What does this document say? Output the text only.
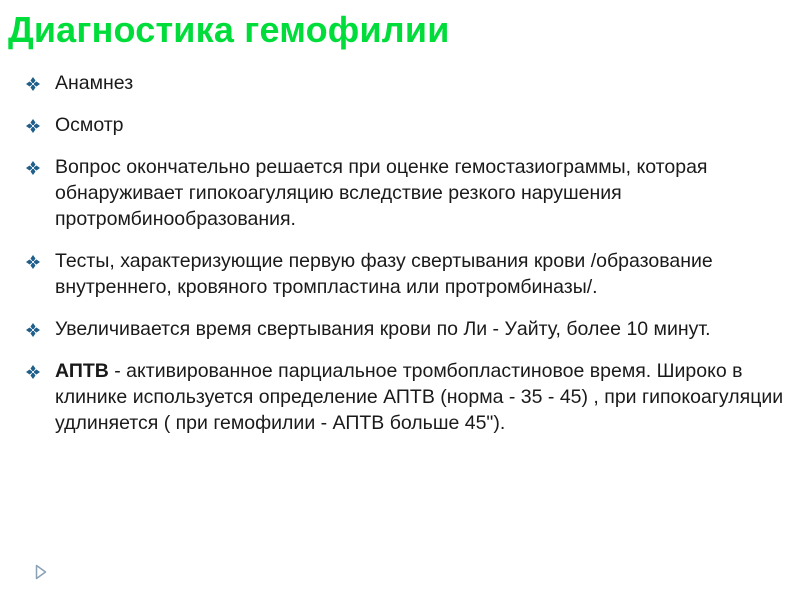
Диагностика гемофилии
Анамнез
Осмотр
Вопрос окончательно решается при оценке гемостазиограммы, которая обнаруживает гипокоагуляцию вследствие резкого нарушения протромбинообразования.
Тесты, характеризующие первую фазу свертывания крови /образование внутреннего, кровяного тромпластина или протромбиназы/.
Увеличивается время свертывания крови по Ли - Уайту, более 10 минут.
АПТВ - активированное парциальное тромбопластиновое время. Широко в клинике используется определение АПТВ (норма - 35 - 45) , при гипокоагуляции удлиняется ( при гемофилии - АПТВ больше 45").
